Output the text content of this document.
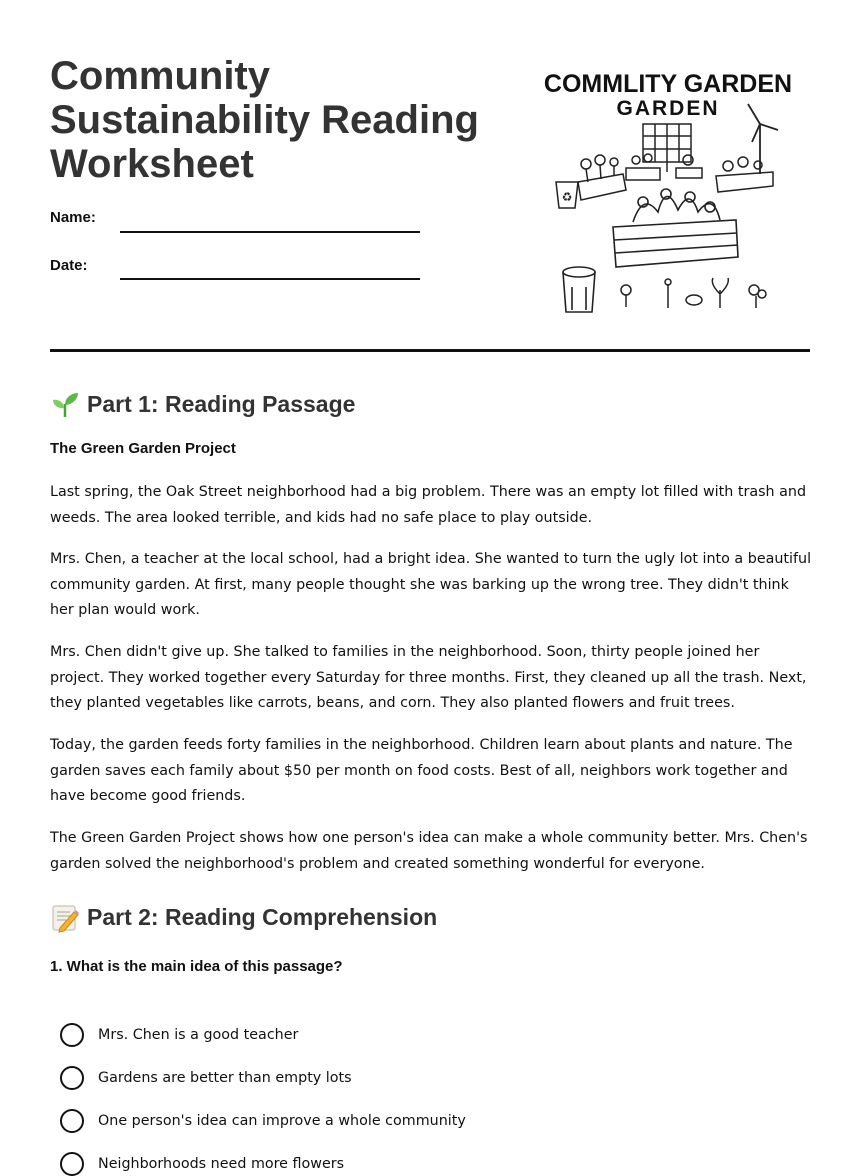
Community Sustainability Reading Worksheet
Name:
Date:
COMMLITY GARDEN
GARDEN
♻
Part 1: Reading Passage
The Green Garden Project

Last spring, the Oak Street neighborhood had a big problem. There was an empty lot filled with trash and weeds. The area looked terrible, and kids had no safe place to play outside.

Mrs. Chen, a teacher at the local school, had a bright idea. She wanted to turn the ugly lot into a beautiful community garden. At first, many people thought she was barking up the wrong tree. They didn't think her plan would work.

Mrs. Chen didn't give up. She talked to families in the neighborhood. Soon, thirty people joined her project. They worked together every Saturday for three months. First, they cleaned up all the trash. Next, they planted vegetables like carrots, beans, and corn. They also planted flowers and fruit trees.

Today, the garden feeds forty families in the neighborhood. Children learn about plants and nature. The garden saves each family about $50 per month on food costs. Best of all, neighbors work together and have become good friends.

The Green Garden Project shows how one person's idea can make a whole community better. Mrs. Chen's garden solved the neighborhood's problem and created something wonderful for everyone.

Part 2: Reading Comprehension
1. What is the main idea of this passage?
Mrs. Chen is a good teacher
Gardens are better than empty lots
One person's idea can improve a whole community
Neighborhoods need more flowers
